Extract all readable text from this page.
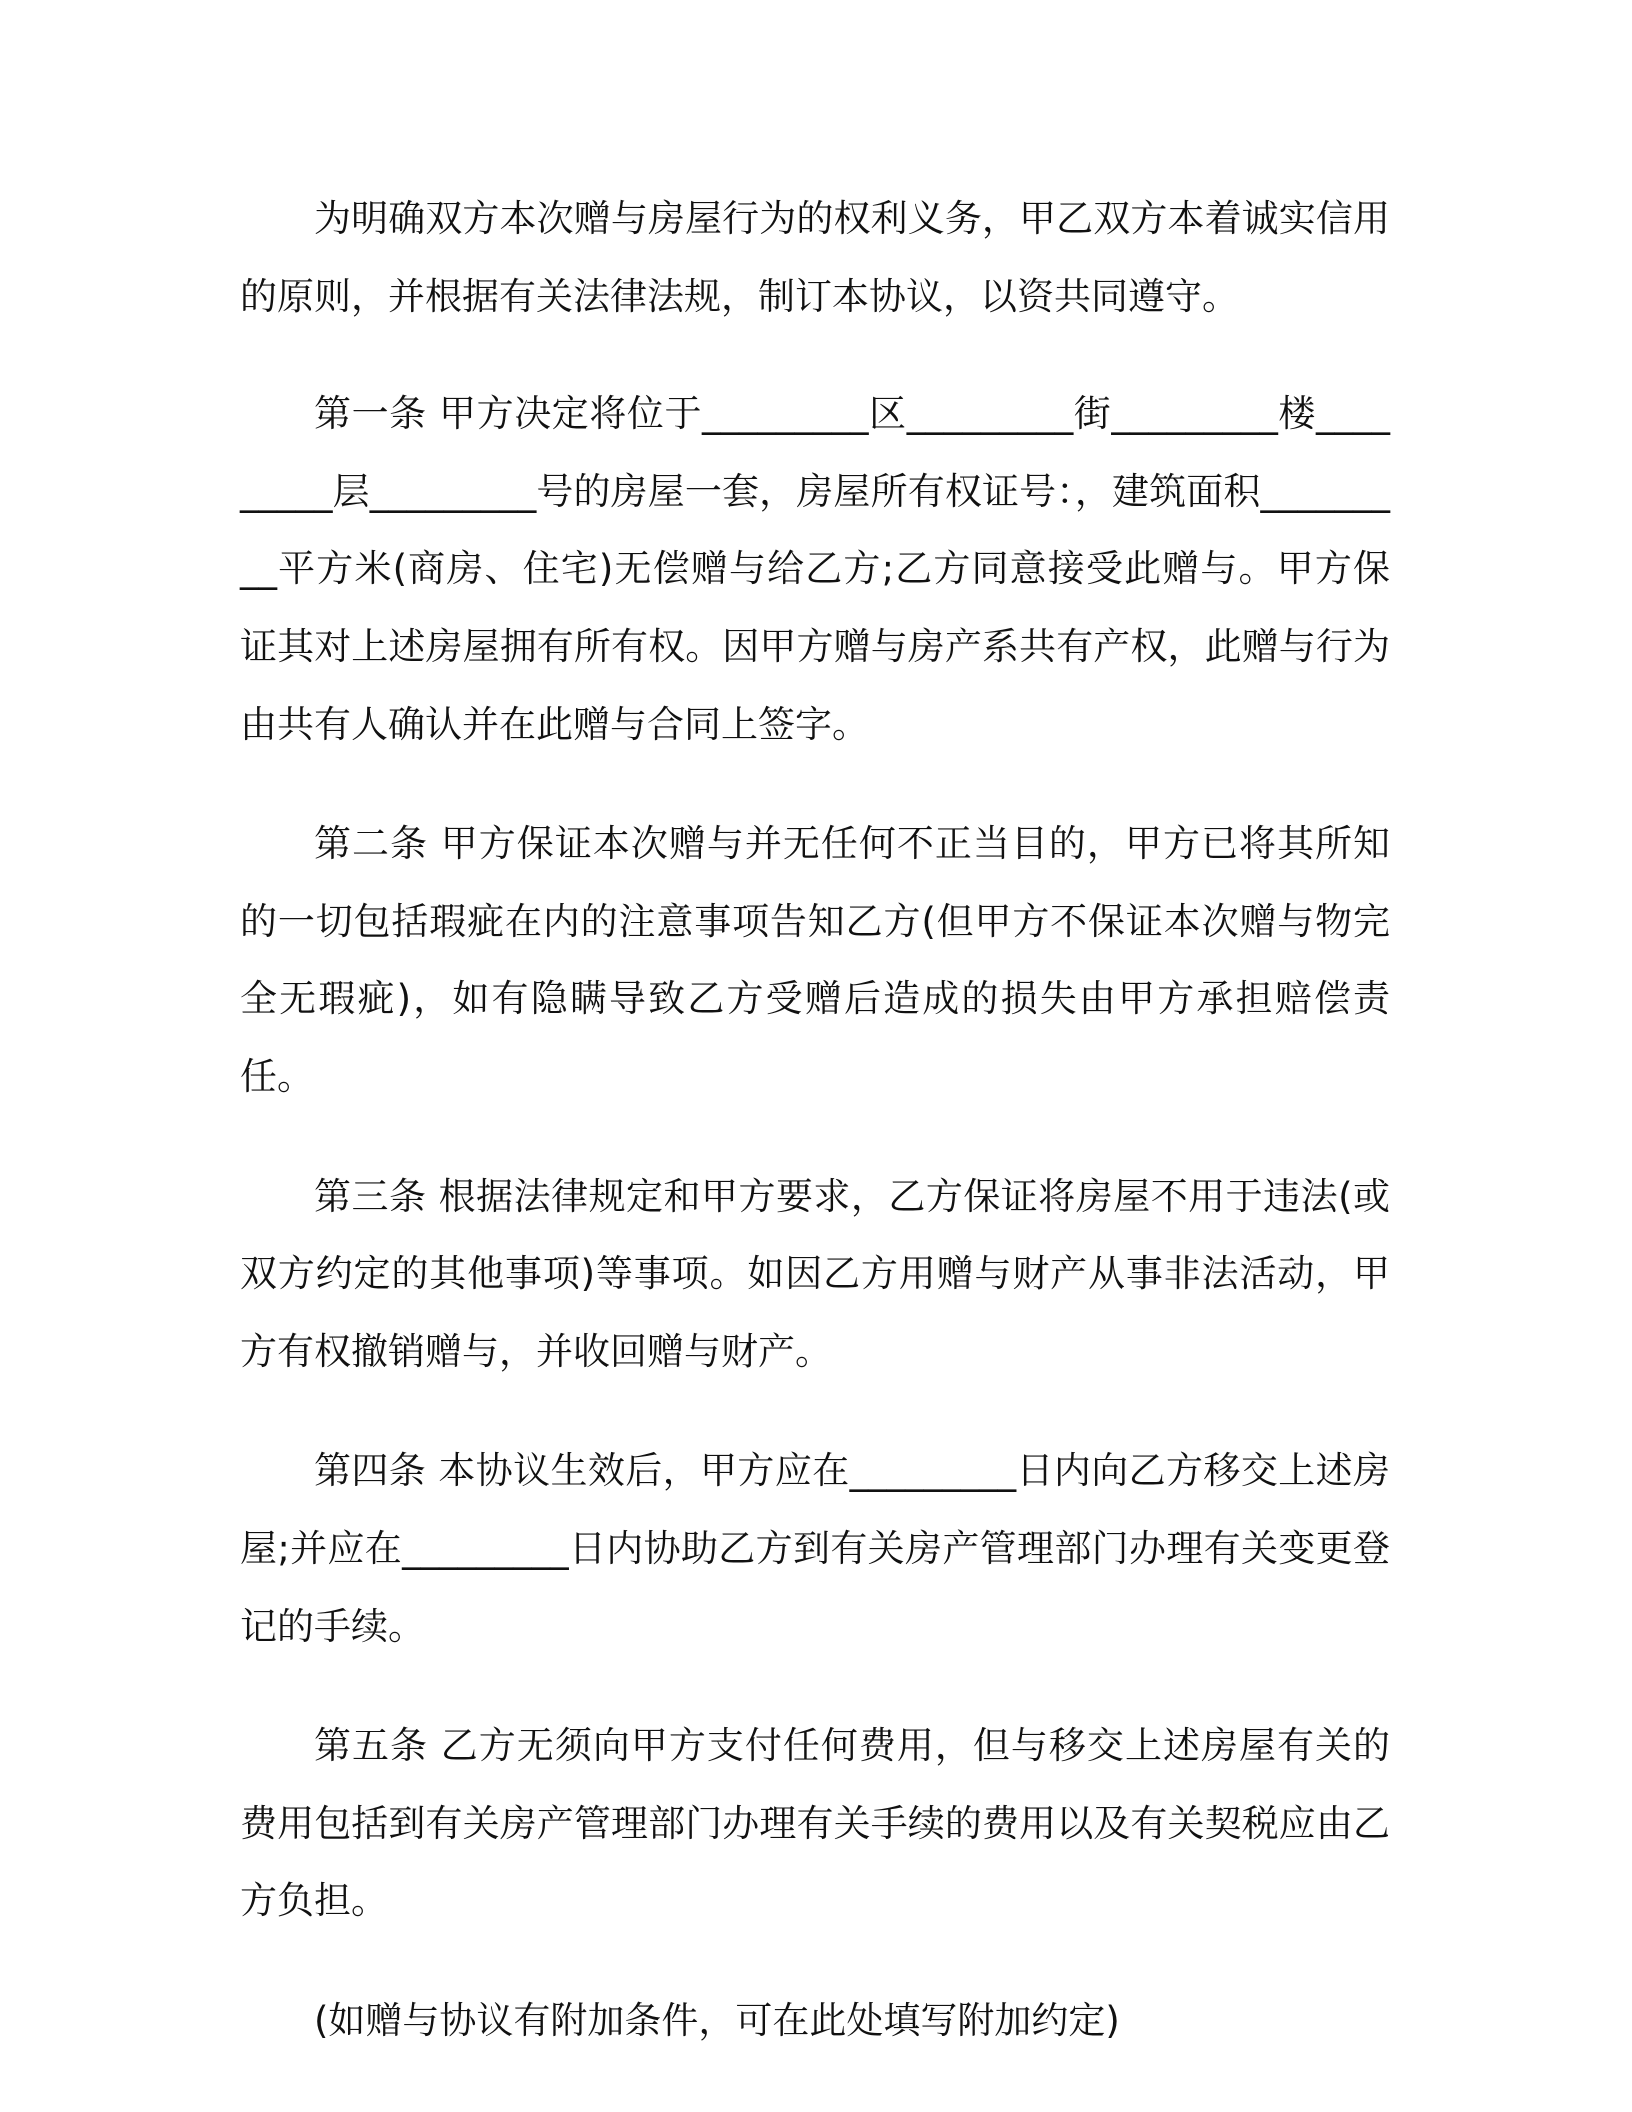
为明确双方本次赠与房屋行为的权利义务，甲乙双方本着诚实信用的原则，并根据有关法律法规，制订本协议，以资共同遵守。

第一条 甲方决定将位于_________区_________街_________楼_________层_________号的房屋一套，房屋所有权证号：，建筑面积_________平方米(商房、住宅)无偿赠与给乙方;乙方同意接受此赠与。甲方保证其对上述房屋拥有所有权。因甲方赠与房产系共有产权，此赠与行为由共有人确认并在此赠与合同上签字。

第二条 甲方保证本次赠与并无任何不正当目的，甲方已将其所知的一切包括瑕疵在内的注意事项告知乙方(但甲方不保证本次赠与物完全无瑕疵)，如有隐瞒导致乙方受赠后造成的损失由甲方承担赔偿责任。

第三条 根据法律规定和甲方要求，乙方保证将房屋不用于违法(或双方约定的其他事项)等事项。如因乙方用赠与财产从事非法活动，甲方有权撤销赠与，并收回赠与财产。

第四条 本协议生效后，甲方应在_________日内向乙方移交上述房屋;并应在_________日内协助乙方到有关房产管理部门办理有关变更登记的手续。

第五条 乙方无须向甲方支付任何费用，但与移交上述房屋有关的费用包括到有关房产管理部门办理有关手续的费用以及有关契税应由乙方负担。

(如赠与协议有附加条件，可在此处填写附加约定)
